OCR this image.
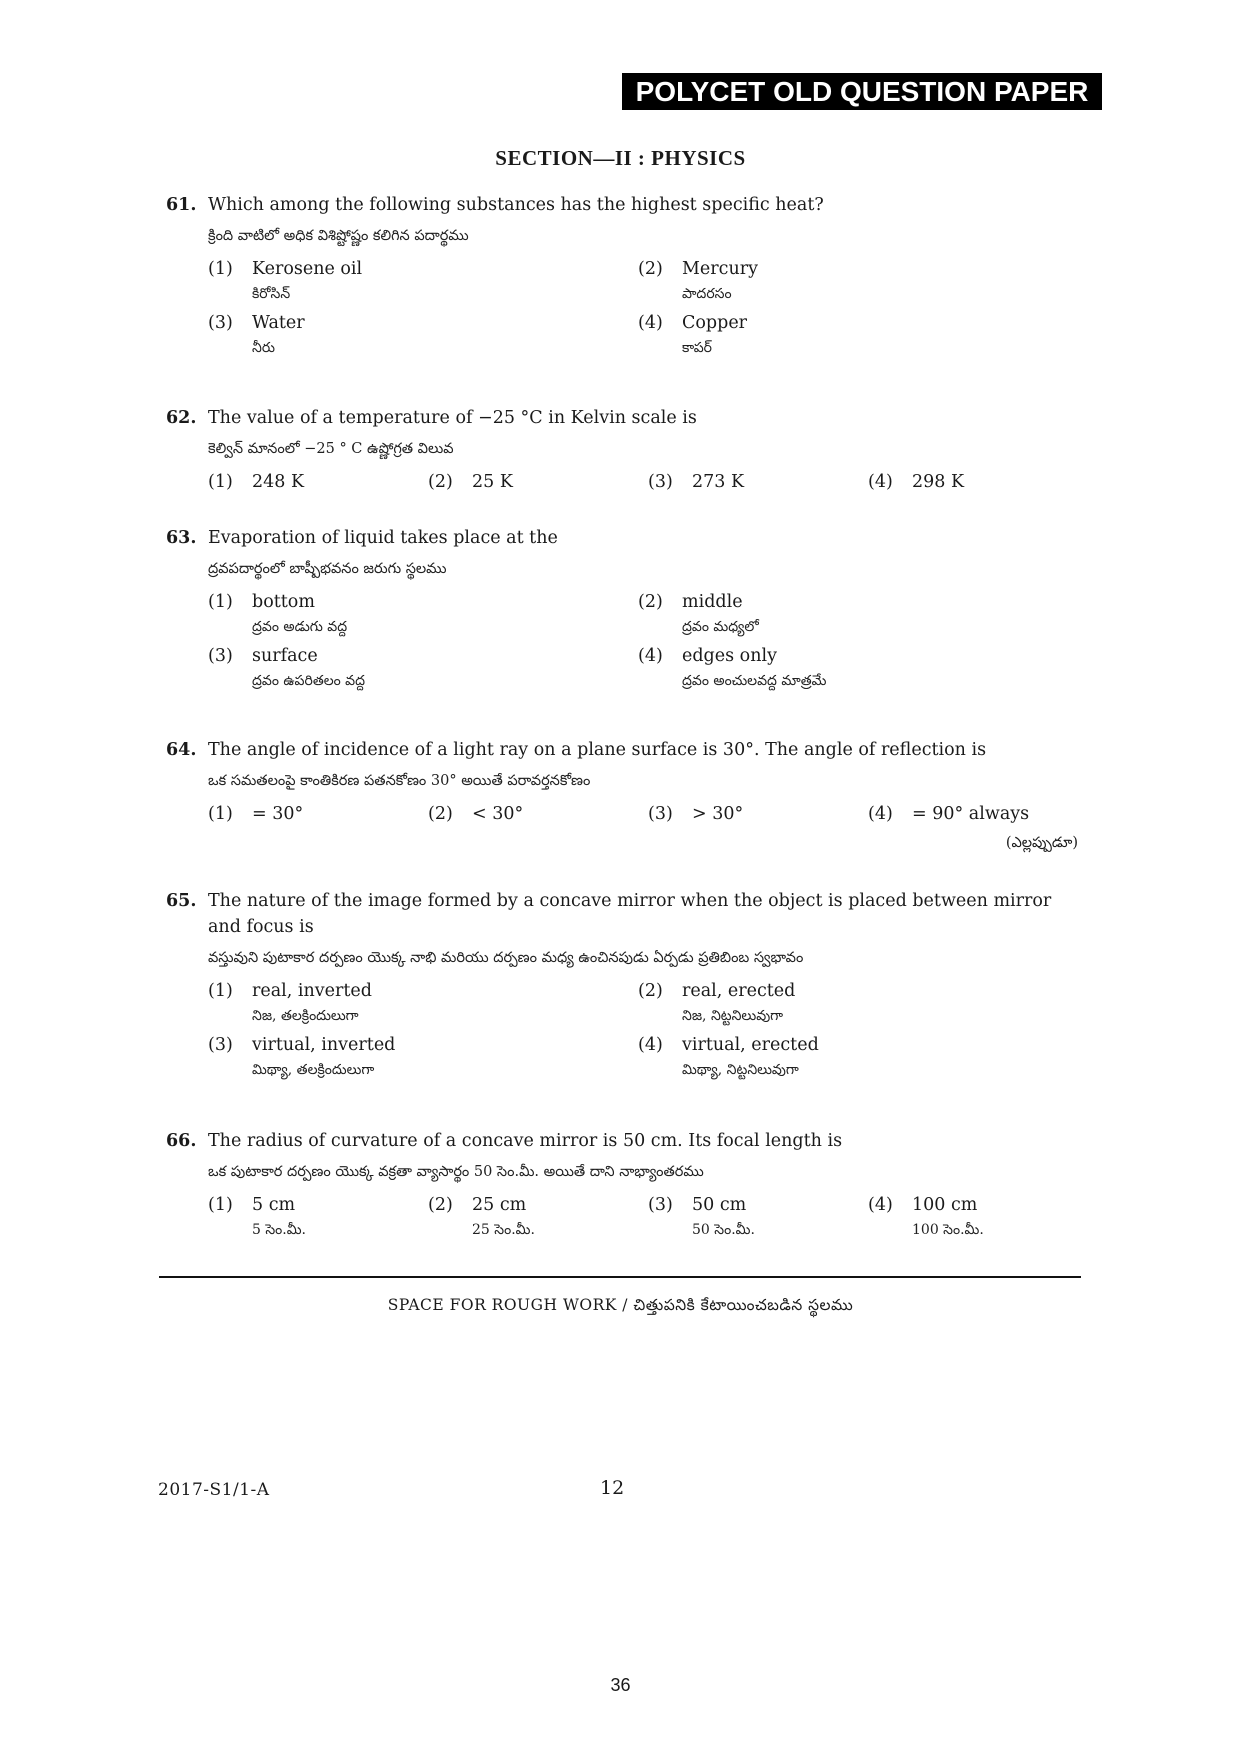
POLYCET OLD QUESTION PAPER
SECTION—II : PHYSICS
61. Which among the following substances has the highest specific heat?
క్రింది వాటిలో అధిక విశిష్టోష్ణం కలిగిన పదార్థము
(1)	Kerosene oil
కిరోసిన్
(2)	Mercury
పాదరసం
(3)	Water
నీరు
(4)	Copper
కాపర్
62. The value of a temperature of −25 °C in Kelvin scale is
కెల్విన్ మానంలో −25 ° C ఉష్ణోగ్రత విలువ
(1)	248 K	(2)	25 K	(3)	273 K	(4)	298 K
63. Evaporation of liquid takes place at the
ద్రవపదార్థంలో బాష్పీభవనం జరుగు స్థలము
(1)	bottom
ద్రవం అడుగు వద్ద
(2)	middle
ద్రవం మధ్యలో
(3)	surface
ద్రవం ఉపరితలం వద్ద
(4)	edges only
ద్రవం అంచులవద్ద మాత్రమే
64. The angle of incidence of a light ray on a plane surface is 30°. The angle of reflection is
ఒక సమతలంపై కాంతికిరణ పతనకోణం 30° అయితే పరావర్తనకోణం
(1)	= 30°	(2)	< 30°	(3)	> 30°	(4)	= 90° always
(ఎల్లప్పుడూ)
65. The nature of the image formed by a concave mirror when the object is placed between mirror and focus is
వస్తువుని పుటాకార దర్పణం యొక్క నాభి మరియు దర్పణం మధ్య ఉంచినపుడు ఏర్పడు ప్రతిబింబ స్వభావం
(1)	real, inverted
నిజ, తలక్రిందులుగా
(2)	real, erected
నిజ, నిట్టనిలువుగా
(3)	virtual, inverted
మిథ్యా, తలక్రిందులుగా
(4)	virtual, erected
మిథ్యా, నిట్టనిలువుగా
66. The radius of curvature of a concave mirror is 50 cm. Its focal length is
ఒక పుటాకార దర్పణం యొక్క వక్రతా వ్యాసార్థం 50 సెం.మీ. అయితే దాని నాభ్యాంతరము
(1)	5 cm
5 సెం.మీ.
(2)	25 cm
25 సెం.మీ.
(3)	50 cm
50 సెం.మీ.
(4)	100 cm
100 సెం.మీ.
SPACE FOR ROUGH WORK / చిత్తుపనికి కేటాయించబడిన స్థలము
2017-S1/1-A	12
36
